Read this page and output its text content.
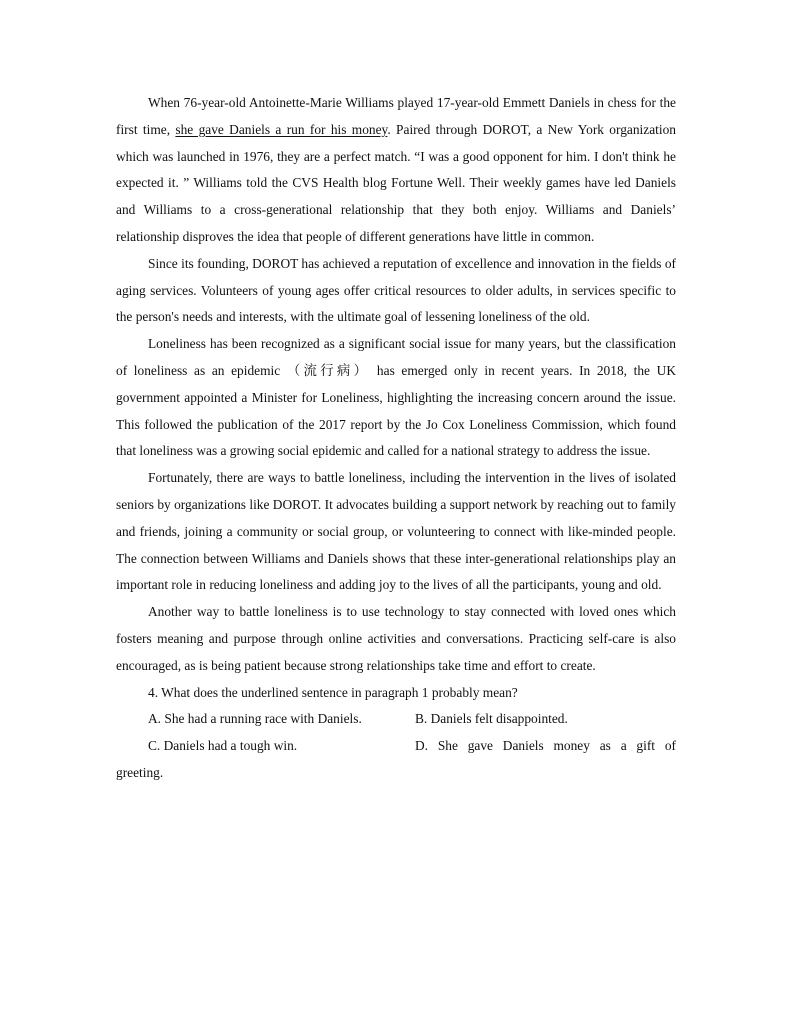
When 76-year-old Antoinette-Marie Williams played 17-year-old Emmett Daniels in chess for the first time, she gave Daniels a run for his money. Paired through DOROT, a New York organization which was launched in 1976, they are a perfect match. “I was a good opponent for him. I don't think he expected it. ” Williams told the CVS Health blog Fortune Well. Their weekly games have led Daniels and Williams to a cross-generational relationship that they both enjoy. Williams and Daniels’ relationship disproves the idea that people of different generations have little in common.

Since its founding, DOROT has achieved a reputation of excellence and innovation in the fields of aging services. Volunteers of young ages offer critical resources to older adults, in services specific to the person's needs and interests, with the ultimate goal of lessening loneliness of the old.

Loneliness has been recognized as a significant social issue for many years, but the classification of loneliness as an epidemic （流行病） has emerged only in recent years. In 2018, the UK government appointed a Minister for Loneliness, highlighting the increasing concern around the issue. This followed the publication of the 2017 report by the Jo Cox Loneliness Commission, which found that loneliness was a growing social epidemic and called for a national strategy to address the issue.

Fortunately, there are ways to battle loneliness, including the intervention in the lives of isolated seniors by organizations like DOROT. It advocates building a support network by reaching out to family and friends, joining a community or social group, or volunteering to connect with like-minded people. The connection between Williams and Daniels shows that these inter-generational relationships play an important role in reducing loneliness and adding joy to the lives of all the participants, young and old.

Another way to battle loneliness is to use technology to stay connected with loved ones which fosters meaning and purpose through online activities and conversations. Practicing self-care is also encouraged, as is being patient because strong relationships take time and effort to create.

4. What does the underlined sentence in paragraph 1 probably mean?

A. She had a running race with Daniels.	B. Daniels felt disappointed.
C. Daniels had a tough win.	D. She gave Daniels money as a gift of

greeting.
